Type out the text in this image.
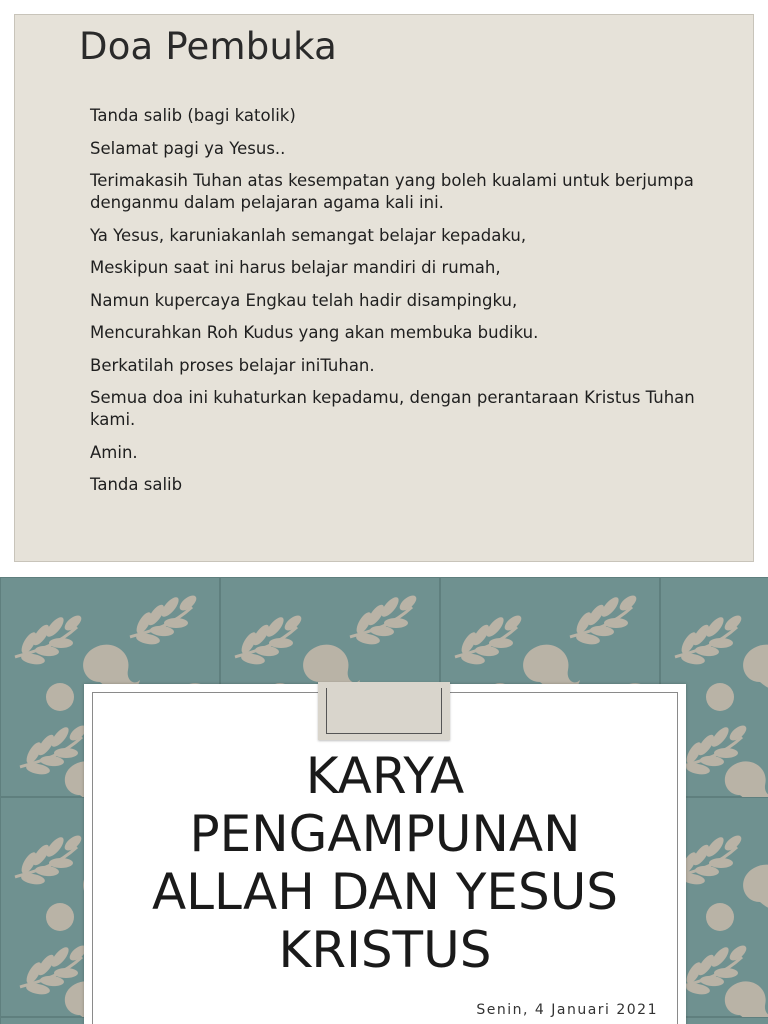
Doa Pembuka
Tanda salib (bagi katolik)
Selamat pagi ya Yesus..
Terimakasih Tuhan atas kesempatan yang boleh kualami untuk berjumpa denganmu dalam pelajaran agama kali ini.
Ya Yesus, karuniakanlah semangat belajar kepadaku,
Meskipun saat ini harus belajar mandiri di rumah,
Namun kupercaya Engkau telah hadir disampingku,
Mencurahkan Roh Kudus yang akan membuka budiku.
Berkatilah proses belajar iniTuhan.
Semua doa ini kuhaturkan kepadamu, dengan perantaraan Kristus Tuhan kami.
Amin.
Tanda salib
KARYA
PENGAMPUNAN
ALLAH DAN YESUS
KRISTUS
Senin, 4 Januari 2021
